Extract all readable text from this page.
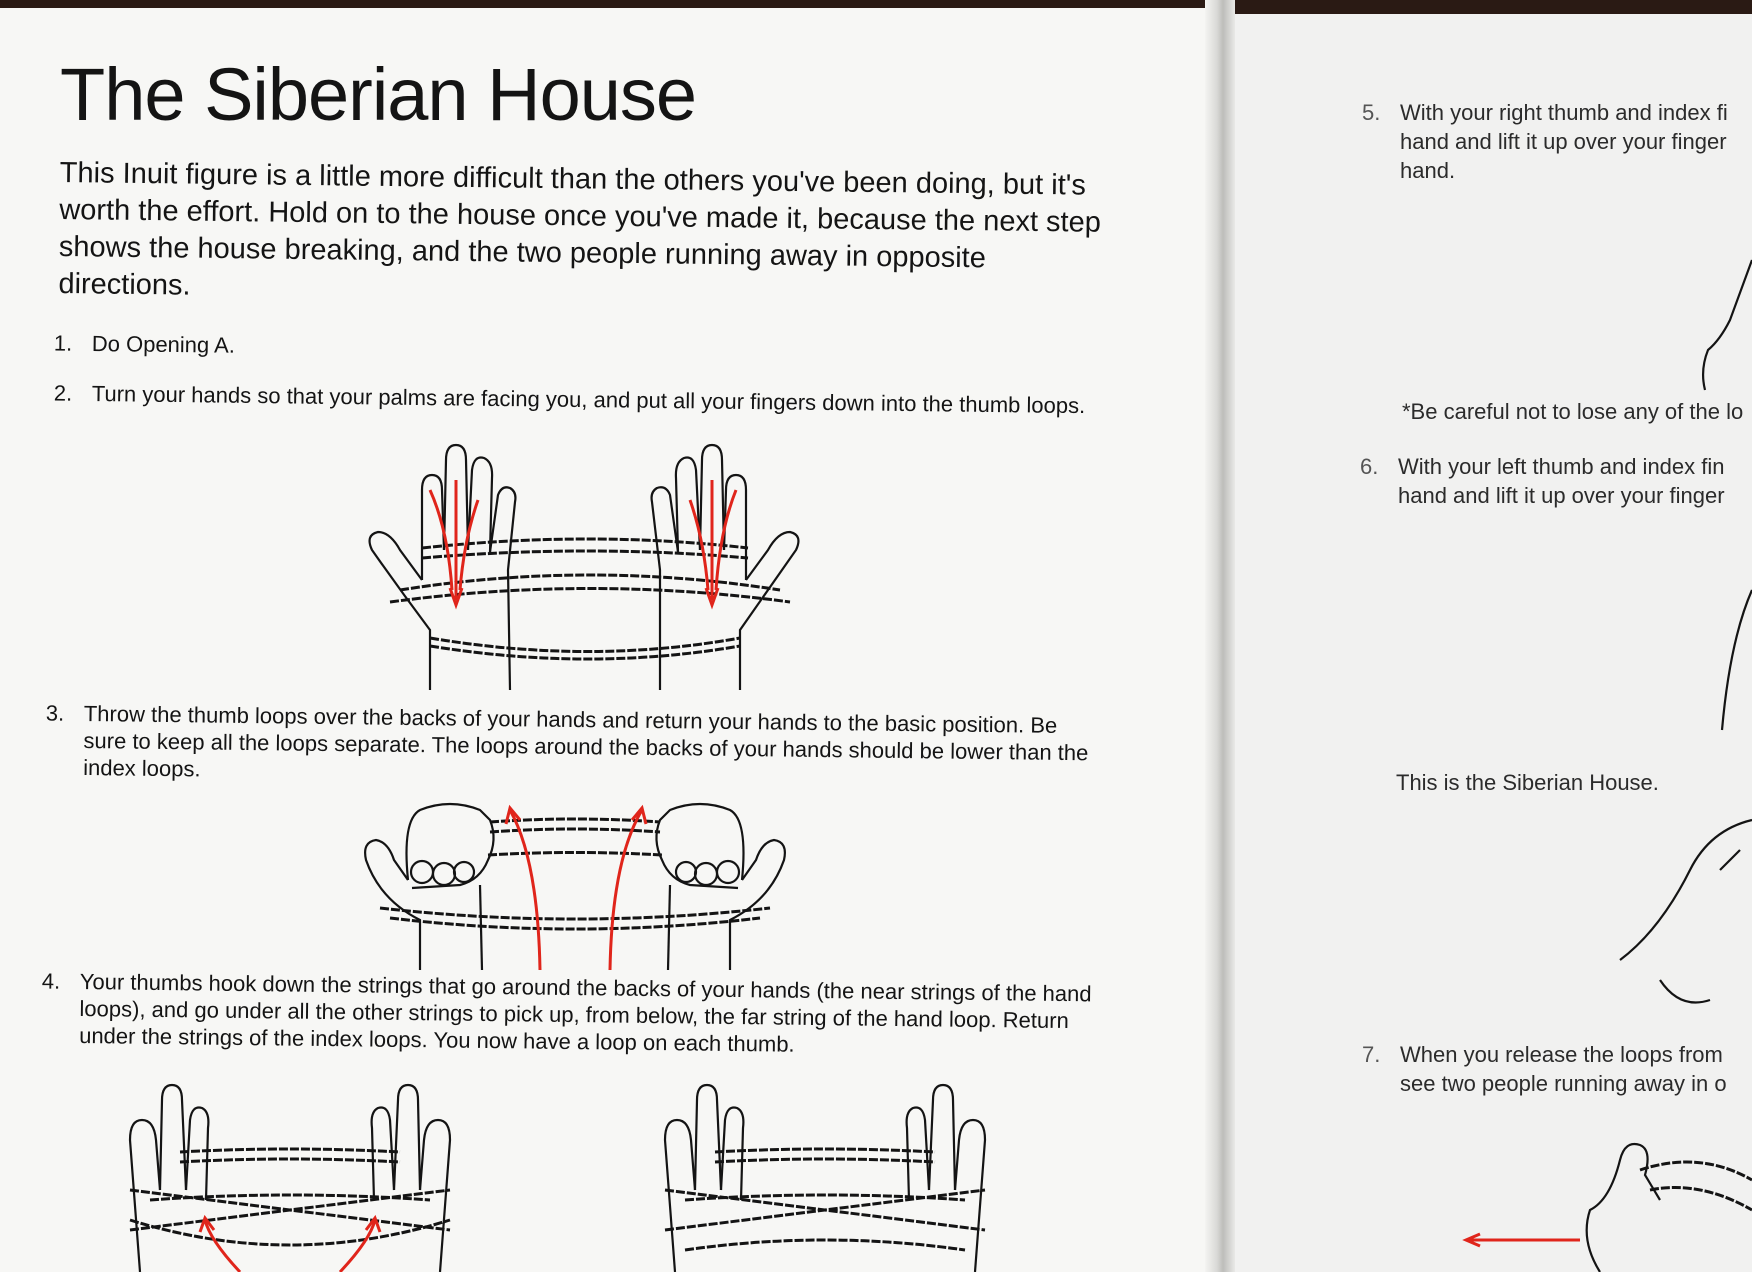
The Siberian House

This Inuit figure is a little more difficult than the others you've been doing, but it's worth the effort. Hold on to the house once you've made it, because the next step shows the house breaking, and the two people running away in opposite directions.

1. Do Opening A.
2. Turn your hands so that your palms are facing you, and put all your fingers down into the thumb loops.
3. Throw the thumb loops over the backs of your hands and return your hands to the basic position. Be sure to keep all the loops separate. The loops around the backs of your hands should be lower than the index loops.
4. Your thumbs hook down the strings that go around the backs of your hands (the near strings of the hand loops), and go under all the other strings to pick up, from below, the far string of the hand loop. Return under the strings of the index loops. You now have a loop on each thumb.
5. With your right thumb and index fi
hand and lift it up over your finger
hand.
*Be careful not to lose any of the lo
6. With your left thumb and index fin
hand and lift it up over your finger
This is the Siberian House.
7. When you release the loops from
see two people running away in o
